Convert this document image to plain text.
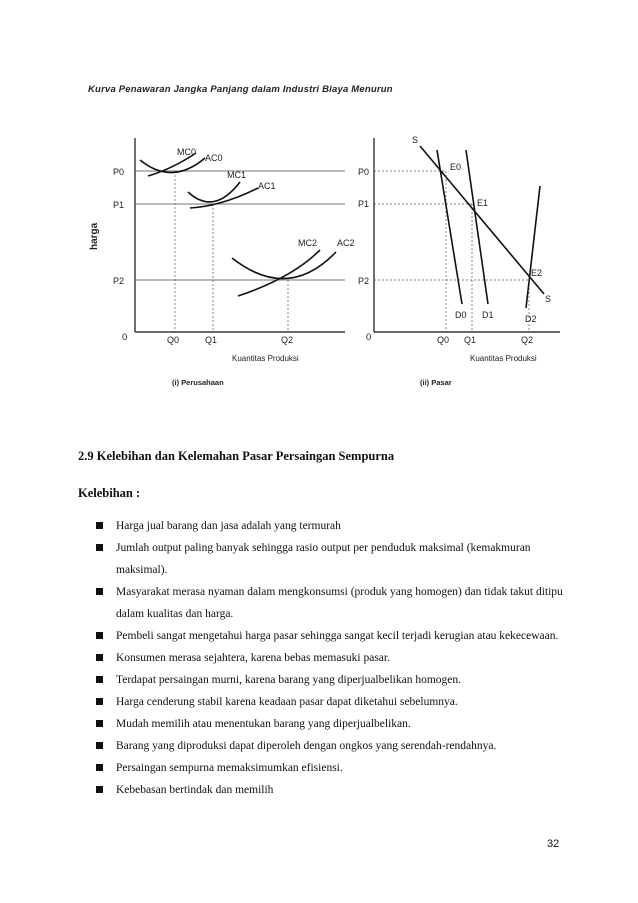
Kurva Penawaran Jangka Panjang dalam Industri Biaya Menurun
harga
0
P0
P1
P2
Q0	Q1	Q2
Kuantitas Produksi
MC0
AC0
MC1
AC1
MC2 AC2
(i) Perusahaan
0
P0
P1
P2
Q0 Q1	Q2
Kuantitas Produksi
S
S
D0 D1	D2
E0
E1
E2
(ii) Pasar
2.9 Kelebihan dan Kelemahan Pasar Persaingan Sempurna
Kelebihan :
Harga jual barang dan jasa adalah yang termurah
Jumlah output paling banyak sehingga rasio output per penduduk maksimal (kemakmuran maksimal).
Masyarakat merasa nyaman dalam mengkonsumsi (produk yang homogen) dan tidak takut ditipu dalam kualitas dan harga.
Pembeli sangat mengetahui harga pasar sehingga sangat kecil terjadi kerugian atau kekecewaan.
Konsumen merasa sejahtera, karena bebas memasuki pasar.
Terdapat persaingan murni, karena barang yang diperjualbelikan homogen.
Harga cenderung stabil karena keadaan pasar dapat diketahui sebelumnya.
Mudah memilih atau menentukan barang yang diperjualbelikan.
Barang yang diproduksi dapat diperoleh dengan ongkos yang serendah-rendahnya.
Persaingan sempurna memaksimumkan efisiensi.
Kebebasan bertindak dan memilih
32
